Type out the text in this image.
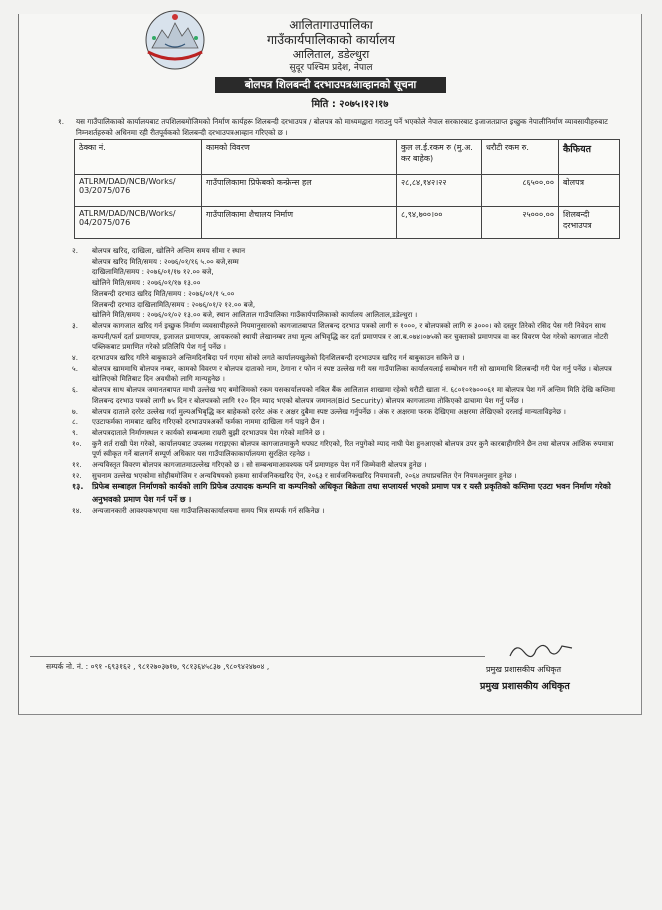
आलितागाउपालिका
गाउँकार्यपालिकाको कार्यालय
आलिताल, डडेल्धुरा
सुदूर पश्चिम प्रदेश, नेपाल
बोलपत्र शिलबन्दी दरभाउपत्रआव्हानको सूचना
मिति : २०७५।१२।१७
१. यस गाउँपालिकाको कार्यालयबाट तपशिलबमोजिमको निर्माण कार्यहरू शिलबन्दी दरभाउपत्र / बोलपत्र को माध्यमद्वारा गराउनु पर्ने भएकोले नेपाल सरकारबाट इजाजतप्राप्त इच्छुक नेपालीनिर्माण व्यावसायीहरुबाट निम्नशर्तहरुको अधिनमा रही रीतपूर्वकको शिलबन्दी दरभाउपत्रआव्हान गरिएको छ ।
ठेक्का नं.	कामको विवरण	कुल ल.ई.रकम रु (मु.अ. कर बाहेक)	धरौटी रकम रु.	कैफियत
ATLRM/DAD/NCB/Works/ 03/2075/076	गाउँपालिकामा प्रिफेबको कन्फ्रेन्स हल	२८,८४,१४२।२२	८६५००.००	बोलपत्र
ATLRM/DAD/NCB/Works/ 04/2075/076	गाउँपालिकामा शैचालय निर्माण	८,९४,७००।००	२५०००.००	शिलबन्दी दरभाउपत्र
२. बोलपत्र खरिद, दाखिला, खोलिने अन्तिम समय सीमा र स्थान
बोलपत्र खरिद मिति/समय : २०७६/०१/१६ ५.०० बजे,सम्म
दाखिलामिति/समय : २०७६/०१/१७ १२.०० बजे,
खोलिने मिति/समय : २०७६/०१/१७ १३.००
शिलबन्दी दरभाउ खरिद मिति/समय : २०७६/०१/१ ५.००
शिलबन्दी दरभाउ दाखिलामिति/समय : २०७६/०१/२ १२.०० बजे,
खोलिने मिति/समय : २०७६/०१/०२ १३.०० बजे, स्थान आलिताल गाउँपालिका गाउँकार्यपालिकाको कार्यालय आलिताल,डडेल्धुरा ।
३. बोलपत्र कागजात खरिद गर्न इच्छुक निर्माण व्यवसायीहरुले नियमानुसारको कागजातबापत शिलबन्द दरभाउ पत्रको लागी रु १०००, र बोलपत्रको लागि रु ३०००। को दस्तुर तिरेको रसिद पेस गरी निवेदन साथ कम्पनी/फर्म दर्ता प्रमाणपत्र, इजाजत प्रमाणपत्र, आयकरको स्थायी लेखानम्बर तथा मूल्य अभिवृद्धि कर दर्ता प्रमाणपत्र र आ.ब.०७४।०७५को कर चुक्ताको प्रमाणपत्र वा कर विवरण पेश गरेको कागजात नोटरी पब्लिकबाट प्रमाणित गरेको प्रतिलिपि पेश गर्नु पर्नेछ ।
४. दरभाउपत्र खरिद गरिने बाबुकाउने अन्तिमदिनबिदा पर्न गएमा सोको लगते कार्यालयखुलेको दिनशिलबन्दी दरभाउपत्र खरिद गर्न बाबुकाउन सकिने छ ।
५. बोलपत्र खाममाथि बोलपत्र नम्बर, कामको विवरण र बोलपत्र दाताको नाम, ठेगाना र फोन नं स्पष्ट उल्लेख गरी यस गाउँपालिका कार्यालयलाई सम्बोधन गरी सो खाममाथि शिलबन्दी गरी पेश गर्नु पर्नेछ । बोलपत्र खोलिएको मितिबाट दिन अवधीको लागि मान्यहुनेछ ।
६. बोलपत्र साथ बोलपत्र जमानतबापत माथी उल्लेख भए बमोजिमको रकम यसकार्यालयको नबिल बैंक आलिताल शाखामा रहेको धरौटी खाता नं. ६८०१०१७०००६१ मा बोलपत्र पेश गर्ने अन्तिम मिति देखि कम्तिमा शिलबन्द दरभाउ पत्रको लागी ७५ दिन र बोलपत्रको लागि १२० दिन म्याद भएको बोलपत्र जमानत(Bid Security) बोलपत्र कागजातमा तोकिएको ढाचामा पेश गर्नु पर्नेछ ।
७. बोलपत्र दाताले दररेट उल्लेख गर्दा मुल्यअभिबृद्धि कर बाहेकको दररेट अंक र अक्षर दुबैमा स्पष्ट उल्लेख गर्नुपर्नेछ । अंक र अक्षरमा फरक देखिएमा अक्षरमा लेखिएको दरलाई मान्यताविइनेछ ।
८. एउटाफर्मका नामबाट खरिद गरिएको दरभाउपत्रअर्को फर्मका नाममा दाखिला गर्न पाइने छैन ।
९. बोलपत्रदाताले निर्माणस्थल र कार्यको सम्बन्धमा राम्ररी बुझी दरभाउपत्र पेश गरेको मानिने छ ।
१०. कुनै शर्त राखी पेश गरेको, कार्यालयबाट उपलब्ध गराइएका बोलपत्र कागजातमाकुनै थपघट गरिएको, रित नपुगेको म्याद नाघी पेश हुनआएको बोलपत्र उपर कुनै कारबाहीगरिने छैन तथा बोलपत्र आंशिक रुपमात्रा पूर्ण स्वीकृत गर्ने बालगर्ने सम्पूर्ण अधिकार यस गाउँपालिकाकार्यालयमा सुरक्षित रहनेछ ।
११. अन्यविस्तृत विवरण बोलपत्र कागजातमाउल्लेख गरिएको छ । सो सम्बन्धमाआवश्यक पर्ने प्रमाणहरु पेश गर्ने जिम्मेवारी बोलपत्र हुनेछ ।
१२. सुचनाम उल्लेख भएकोमा सोहीबमोजिम र अन्यविषयको हकमा सार्वजनिकखरिद ऐन, २०६३ र सार्वजनिकखरिद नियमावली, २०६४ तथाप्रचलित ऐन नियमअनुसार हुनेछ ।
१३. प्रिफेब सम्बाहल निर्माणको कार्यको लागि प्रिफेब उत्पादक कम्पनि वा कम्पनिको अधिकृत बिक्रेता तथा सप्लायर्स भएको प्रमाण पत्र र यस्तै प्रकृतिको कम्तिमा एउटा भवन निर्माण गरेको अनुभवको प्रमाण पेश गर्न पर्ने छ ।
१४. अन्यजानकारी आवश्यकभएमा यस गाउँपालिकाकार्यालयमा समय भित्र सम्पर्क गर्न सकिनेछ ।
सम्पर्क नो. नं. : ०९१ -६९३१६२ , ९८१२७०३७१७, ९८१३६४५८३७ ,९८०९४२४७०४ ,	प्रमुख प्रशासकीय अधिकृत
प्रमुख प्रशासकीय अधिकृत
